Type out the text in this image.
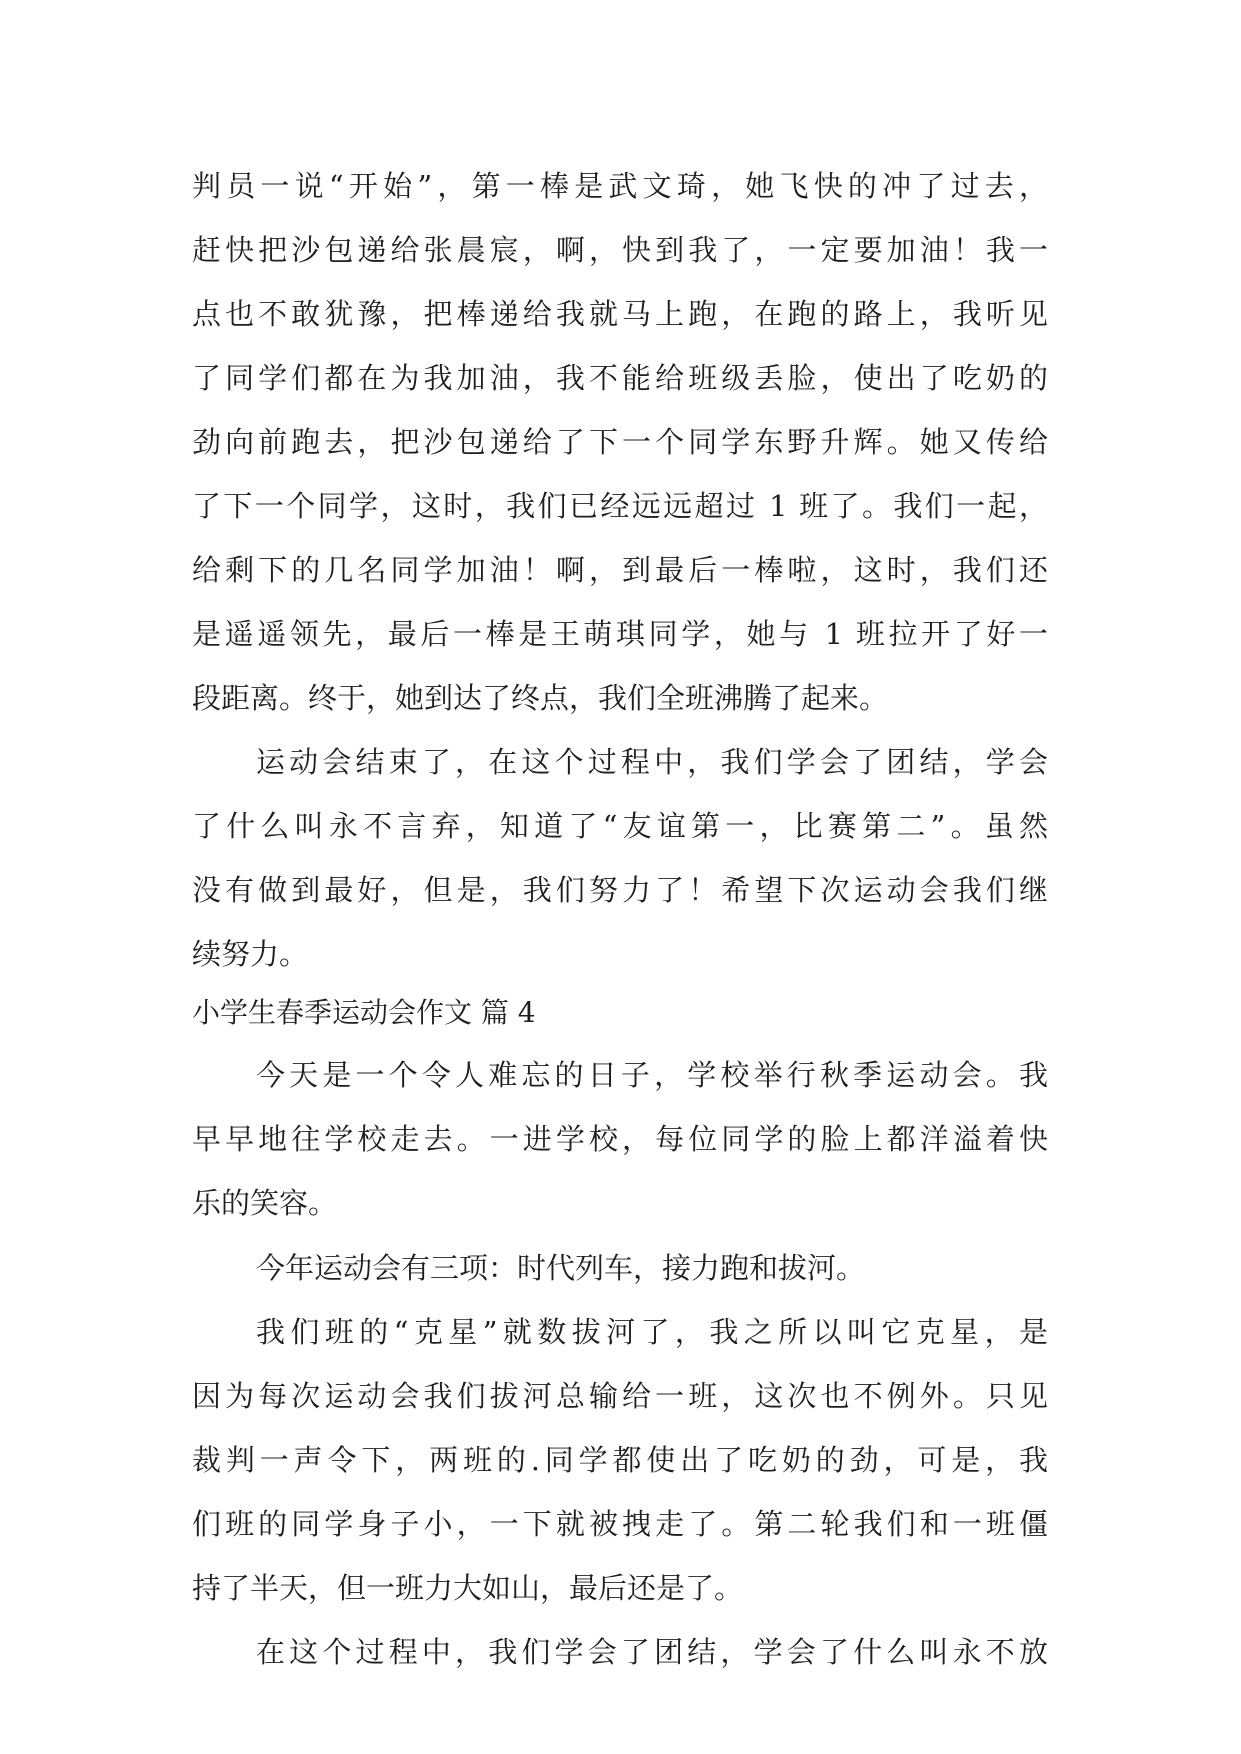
判员一说“开始”，第一棒是武文琦，她飞快的冲了过去，
赶快把沙包递给张晨宸，啊，快到我了，一定要加油！我一
点也不敢犹豫，把棒递给我就马上跑，在跑的路上，我听见
了同学们都在为我加油，我不能给班级丢脸，使出了吃奶的
劲向前跑去，把沙包递给了下一个同学东野升辉。她又传给
了下一个同学，这时，我们已经远远超过 1 班了。我们一起，
给剩下的几名同学加油！啊，到最后一棒啦，这时，我们还
是遥遥领先，最后一棒是王萌琪同学，她与 1 班拉开了好一
段距离。终于，她到达了终点，我们全班沸腾了起来。
运动会结束了，在这个过程中，我们学会了团结，学会
了什么叫永不言弃，知道了“友谊第一，比赛第二”。虽然
没有做到最好，但是，我们努力了！希望下次运动会我们继
续努力。
小学生春季运动会作文 篇 4
今天是一个令人难忘的日子，学校举行秋季运动会。我
早早地往学校走去。一进学校，每位同学的脸上都洋溢着快
乐的笑容。
今年运动会有三项：时代列车，接力跑和拔河。
我们班的“克星”就数拔河了，我之所以叫它克星，是
因为每次运动会我们拔河总输给一班，这次也不例外。只见
裁判一声令下，两班的.同学都使出了吃奶的劲，可是，我
们班的同学身子小，一下就被拽走了。第二轮我们和一班僵
持了半天，但一班力大如山，最后还是了。
在这个过程中，我们学会了团结，学会了什么叫永不放
